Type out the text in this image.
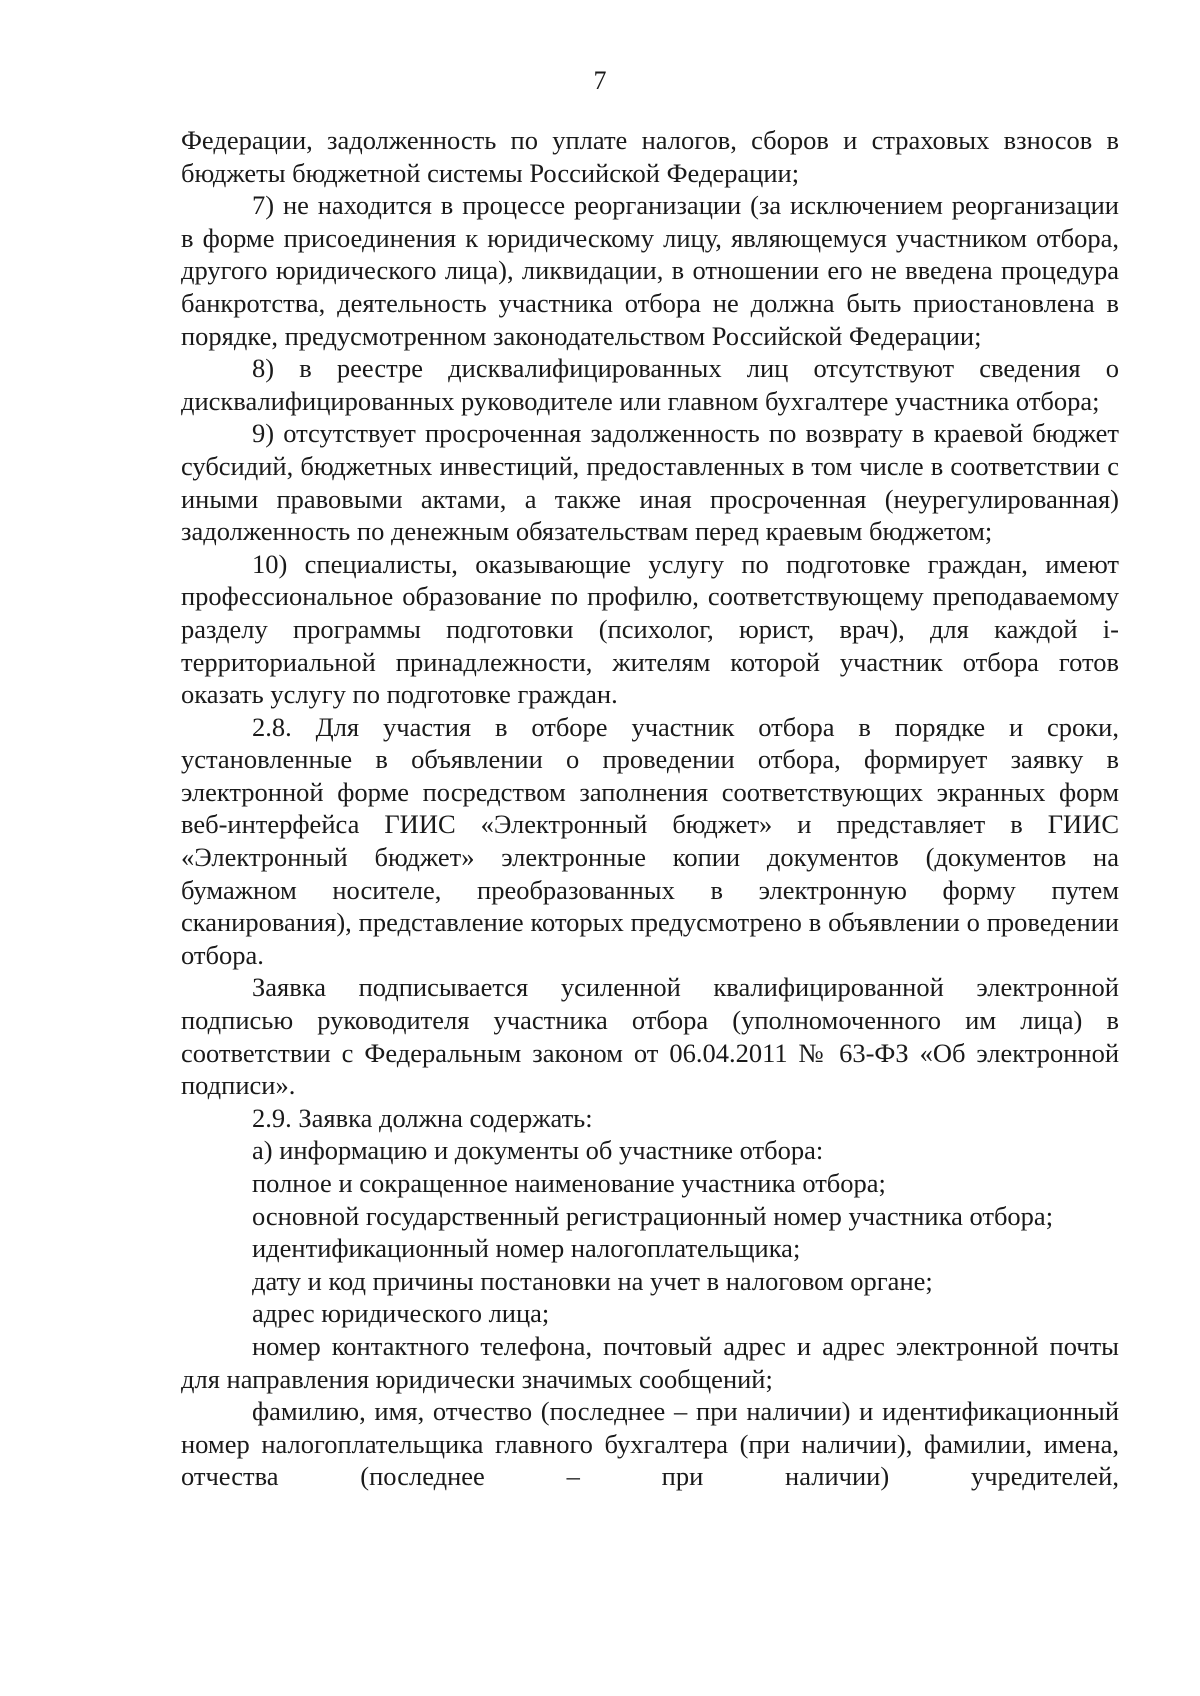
7

Федерации, задолженность по уплате налогов, сборов и страховых взносов в бюджеты бюджетной системы Российской Федерации;

7) не находится в процессе реорганизации (за исключением реорганизации в форме присоединения к юридическому лицу, являющемуся участником отбора, другого юридического лица), ликвидации, в отношении его не введена процедура банкротства, деятельность участника отбора не должна быть приостановлена в порядке, предусмотренном законодательством Российской Федерации;

8) в реестре дисквалифицированных лиц отсутствуют сведения о дисквалифицированных руководителе или главном бухгалтере участника отбора;

9) отсутствует просроченная задолженность по возврату в краевой бюджет субсидий, бюджетных инвестиций, предоставленных в том числе в соответствии с иными правовыми актами, а также иная просроченная (неурегулированная) задолженность по денежным обязательствам перед краевым бюджетом;

10) специалисты, оказывающие услугу по подготовке граждан, имеют профессиональное образование по профилю, соответствующему преподаваемому разделу программы подготовки (психолог, юрист, врач), для каждой i-территориальной принадлежности, жителям которой участник отбора готов оказать услугу по подготовке граждан.

2.8. Для участия в отборе участник отбора в порядке и сроки, установленные в объявлении о проведении отбора, формирует заявку в электронной форме посредством заполнения соответствующих экранных форм веб-интерфейса ГИИС «Электронный бюджет» и представляет в ГИИС «Электронный бюджет» электронные копии документов (документов на бумажном носителе, преобразованных в электронную форму путем сканирования), представление которых предусмотрено в объявлении о проведении отбора.

Заявка подписывается усиленной квалифицированной электронной подписью руководителя участника отбора (уполномоченного им лица) в соответствии с Федеральным законом от 06.04.2011 № 63-ФЗ «Об электронной подписи».

2.9. Заявка должна содержать:

а) информацию и документы об участнике отбора:

полное и сокращенное наименование участника отбора;

основной государственный регистрационный номер участника отбора;

идентификационный номер налогоплательщика;

дату и код причины постановки на учет в налоговом органе;

адрес юридического лица;

номер контактного телефона, почтовый адрес и адрес электронной почты для направления юридически значимых сообщений;

фамилию, имя, отчество (последнее – при наличии) и идентификационный номер налогоплательщика главного бухгалтера (при наличии), фамилии, имена, отчества (последнее – при наличии) учредителей,
